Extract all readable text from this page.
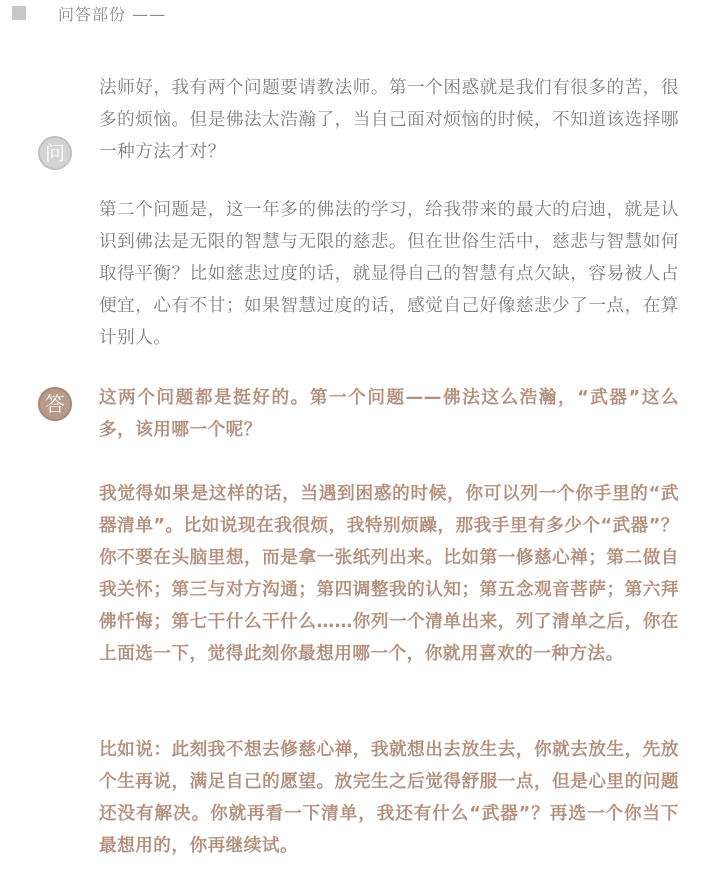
问答部份 ——
问

法师好，我有两个问题要请教法师。第一个困惑就是我们有很多的苦，很多的烦恼。但是佛法太浩瀚了，当自己面对烦恼的时候，不知道该选择哪一种方法才对？

第二个问题是，这一年多的佛法的学习，给我带来的最大的启迪，就是认识到佛法是无限的智慧与无限的慈悲。但在世俗生活中，慈悲与智慧如何取得平衡？比如慈悲过度的话，就显得自己的智慧有点欠缺，容易被人占便宜，心有不甘；如果智慧过度的话，感觉自己好像慈悲少了一点，在算计别人。

答	这两个问题都是挺好的。第一个问题——佛法这么浩瀚，“武器”这么多，该用哪一个呢？

我觉得如果是这样的话，当遇到困惑的时候，你可以列一个你手里的“武器清单”。比如说现在我很烦，我特别烦躁，那我手里有多少个“武器”？你不要在头脑里想，而是拿一张纸列出来。比如第一修慈心禅；第二做自我关怀；第三与对方沟通；第四调整我的认知；第五念观音菩萨；第六拜佛忏悔；第七干什么干什么……你列一个清单出来，列了清单之后，你在上面选一下，觉得此刻你最想用哪一个，你就用喜欢的一种方法。

比如说：此刻我不想去修慈心禅，我就想出去放生去，你就去放生，先放个生再说，满足自己的愿望。放完生之后觉得舒服一点，但是心里的问题还没有解决。你就再看一下清单，我还有什么“武器”？再选一个你当下最想用的，你再继续试。
